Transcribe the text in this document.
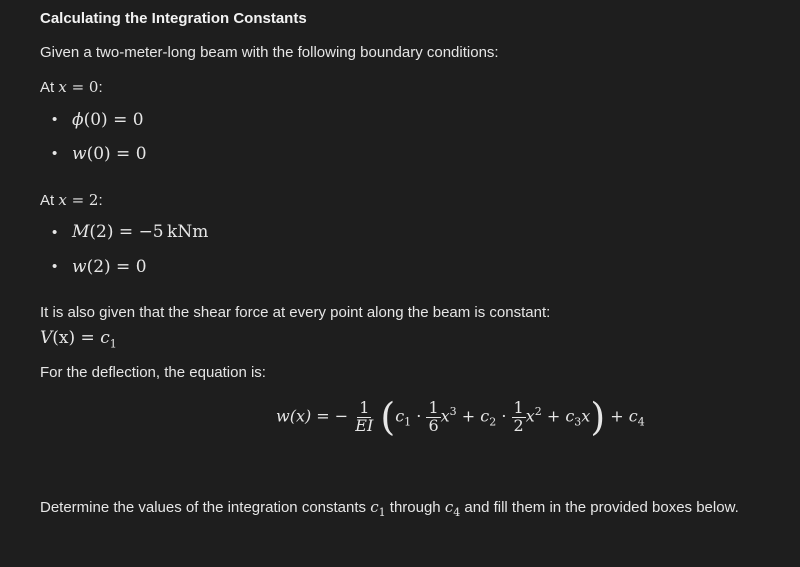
Calculating the Integration Constants
Given a two-meter-long beam with the following boundary conditions:
At x = 0:
• ϕ(0) = 0
• w(0) = 0
At x = 2:
• M(2) = −5 kNm
• w(2) = 0
It is also given that the shear force at every point along the beam is constant:
$V(x) = c_1$
For the deflection, the equation is:
w(x) = − $\frac{1}{EI} (c_1 \cdot \frac{1}{6} x^3 + c_2 \cdot \frac{1}{2} x^2 + c_3x) + c_4$
Determine the values of the integration constants $c_1$ through $c_4$ and fill them in the provided boxes below.
